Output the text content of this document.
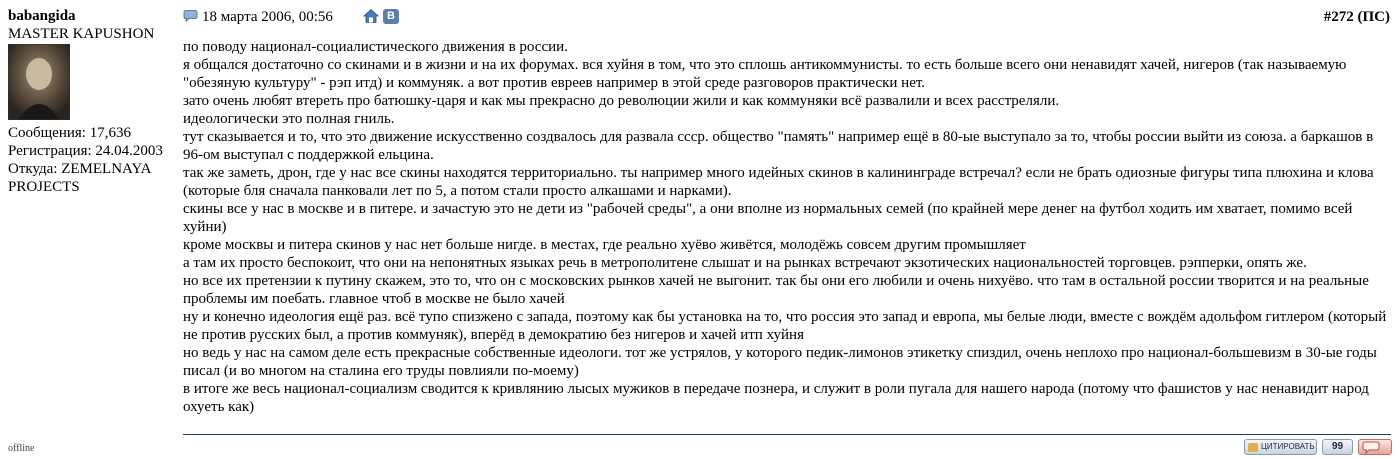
babangida
MASTER KAPUSHON
Сообщения: 17,636
Регистрация: 24.04.2003
Откуда: ZEMELNAYA PROJECTS
offline
18 марта 2006, 00:56	В	#272 (ПС)

по поводу национал-социалистического движения в россии.

я общался достаточно со скинами и в жизни и на их форумах. вся хуйня в том, что это сплошь антикоммунисты. то есть больше всего они ненавидят хачей, нигеров (так называемую "обезяную культуру" - рэп итд) и коммуняк. а вот против евреев например в этой среде разговоров практически нет.

зато очень любят втереть про батюшку-царя и как мы прекрасно до революции жили и как коммуняки всё развалили и всех расстреляли.

идеологически это полная гниль.

тут сказывается и то, что это движение искусственно создвалось для развала ссср. общество "память" например ещё в 80-ые выступало за то, чтобы россии выйти из союза. а баркашов в 96-ом выступал с поддержкой ельцина.

так же заметь, дрон, где у нас все скины находятся территориально. ты например много идейных скинов в калининграде встречал? если не брать одиозные фигуры типа плюхина и клова (которые бля сначала панковали лет по 5, а потом стали просто алкашами и нарками).

скины все у нас в москве и в питере. и зачастую это не дети из "рабочей среды", а они вполне из нормальных семей (по крайней мере денег на футбол ходить им хватает, помимо всей хуйни)

кроме москвы и питера скинов у нас нет больше нигде. в местах, где реально хуёво живётся, молодёжь совсем другим промышляет

а там их просто беспокоит, что они на непонятных языках речь в метрополитене слышат и на рынках встречают экзотических национальностей торговцев. рэпперки, опять же.

но все их претензии к путину скажем, это то, что он с московских рынков хачей не выгонит. так бы они его любили и очень нихуёво. что там в остальной россии творится и на реальные проблемы им поебать. главное чтоб в москве не было хачей

ну и конечно идеология ещё раз. всё тупо спизжено с запада, поэтому как бы установка на то, что россия это запад и европа, мы белые люди, вместе с вождём адольфом гитлером (который не против русских был, а против коммуняк), вперёд в демократию без нигеров и хачей итп хуйня

но ведь у нас на самом деле есть прекрасные собственные идеологи. тот же устрялов, у которого педик-лимонов этикетку спиздил, очень неплохо про национал-большевизм в 30-ые годы писал (и во многом на сталина его труды повлияли по-моему)

в итоге же весь национал-социализм сводится к кривлянию лысых мужиков в передаче познера, и служит в роли пугала для нашего народа (потому что фашистов у нас ненавидит народ охуеть как)

ЦИТИРОВАТЬ	99
